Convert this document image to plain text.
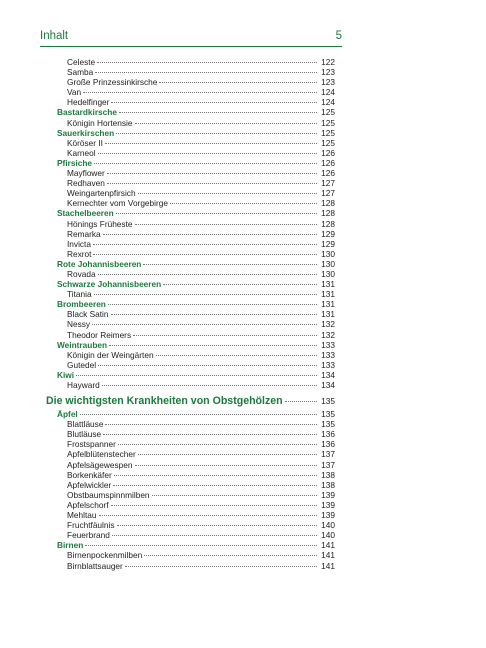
Inhalt	5
Celeste	122
Samba	123
Große Prinzessinkirsche	123
Van	124
Hedelfinger	124
Bastardkirsche	125
Königin Hortensie	125
Sauerkirschen	125
Köröser II	125
Karneol	126
Pfirsiche	126
Mayflower	126
Redhaven	127
Weingartenpfirsich	127
Kernechter vom Vorgebirge	128
Stachelbeeren	128
Hönings Früheste	128
Remarka	129
Invicta	129
Rexrot	130
Rote Johannisbeeren	130
Rovada	130
Schwarze Johannisbeeren	131
Titania	131
Brombeeren	131
Black Satin	131
Nessy	132
Theodor Reimers	132
Weintrauben	133
Königin der Weingärten	133
Gutedel	133
Kiwi	134
Hayward	134
Die wichtigsten Krankheiten von Obstgehölzen	135
Äpfel	135
Blattläuse	135
Blutläuse	136
Frostspanner	136
Apfelblütenstecher	137
Apfelsägewespen	137
Borkenkäfer	138
Apfelwickler	138
Obstbaumspinnmilben	139
Apfelschorf	139
Mehltau	139
Fruchtfäulnis	140
Feuerbrand	140
Birnen	141
Birnenpockenmilben	141
Birnblattsauger	141
